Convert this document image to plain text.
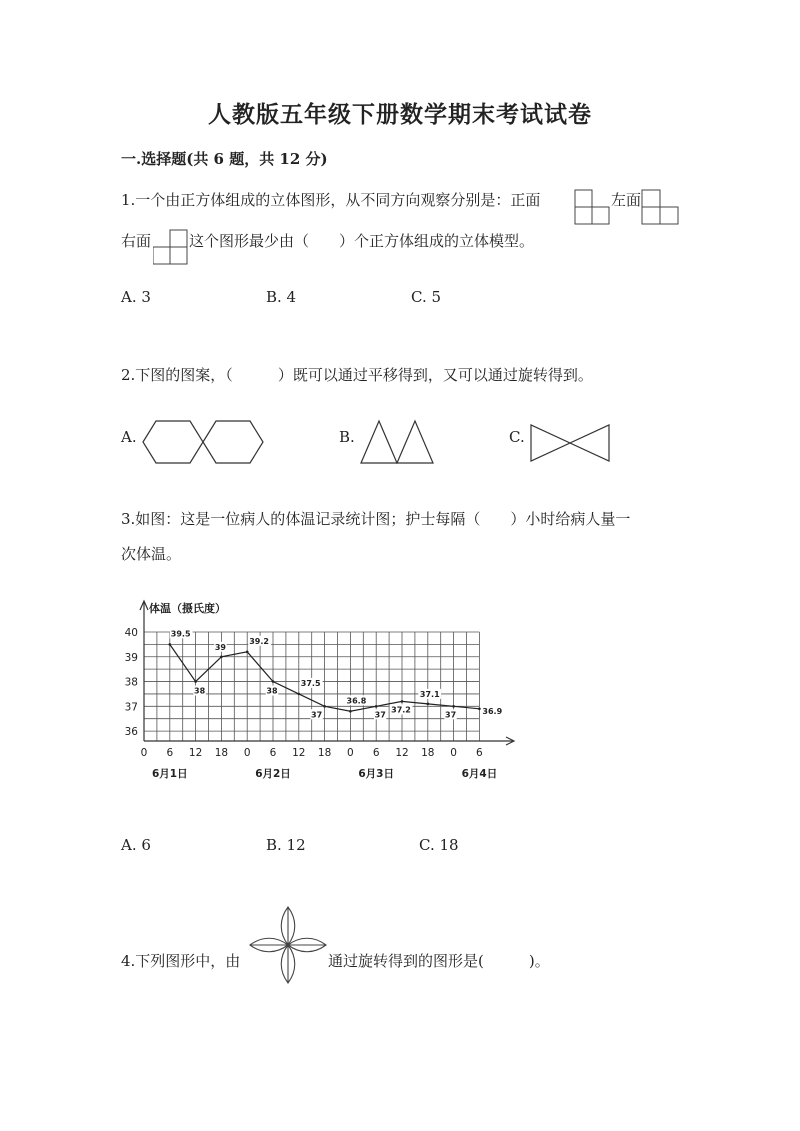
人教版五年级下册数学期末考试试卷
一.选择题(共 6 题，共 12 分)
1.一个由正方体组成的立体图形，从不同方向观察分别是：正面	左面
右面	这个图形最少由（　　）个正方体组成的立体模型。
A. 3	B. 4	C. 5
2.下图的图案，（　　　）既可以通过平移得到，又可以通过旋转得到。
A.	B.	C.
3.如图：这是一位病人的体温记录统计图；护士每隔（　　）小时给病人量一
次体温。
体温（摄氏度）
40
39
38
37
36
0 6 12 18 0 6 12 18 0 6 12 18 0 6
6月1日	6月2日	6月3日	6月4日
39.5
38
39
39.2
38
37.5
37
36.8
37
37.2
37.1
37	36.9
A. 6	B. 12	C. 18
4.下列图形中，由	通过旋转得到的图形是(　　　)。
